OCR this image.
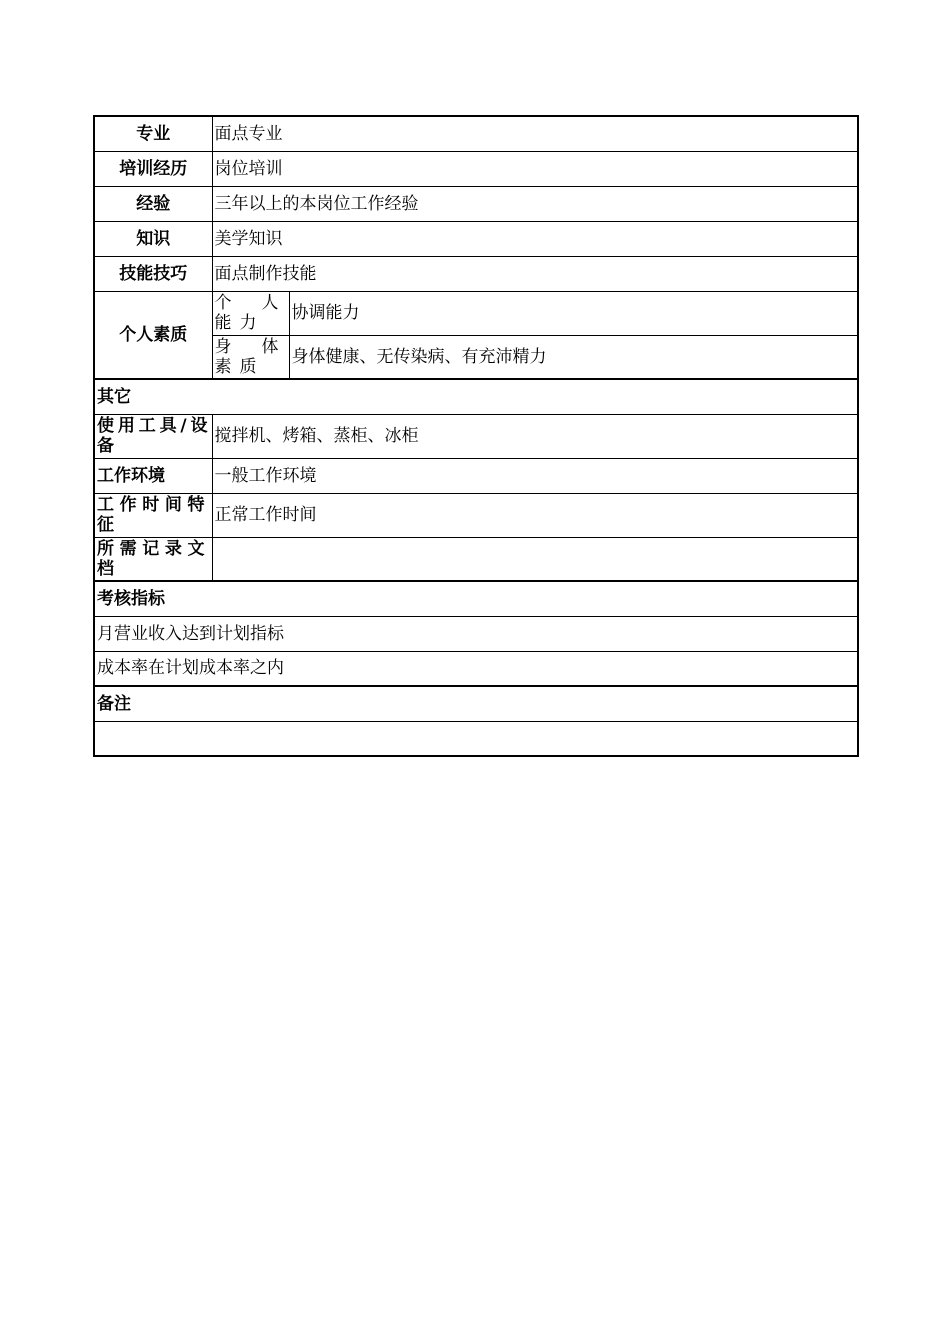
专业	面点专业	
培训经历	岗位培训	
经验	三年以上的本岗位工作经验	
知识	美学知识	
技能技巧	面点制作技能	
个人素质	个人能力	协调能力
	身体素质	身体健康、无传染病、有充沛精力
其它		
使用工具/设备	搅拌机、烤箱、蒸柜、冰柜	
工作环境	一般工作环境	
工作时间特征	正常工作时间	
所需记录文档		
考核指标		
月营业收入达到计划指标		
成本率在计划成本率之内		
备注		
